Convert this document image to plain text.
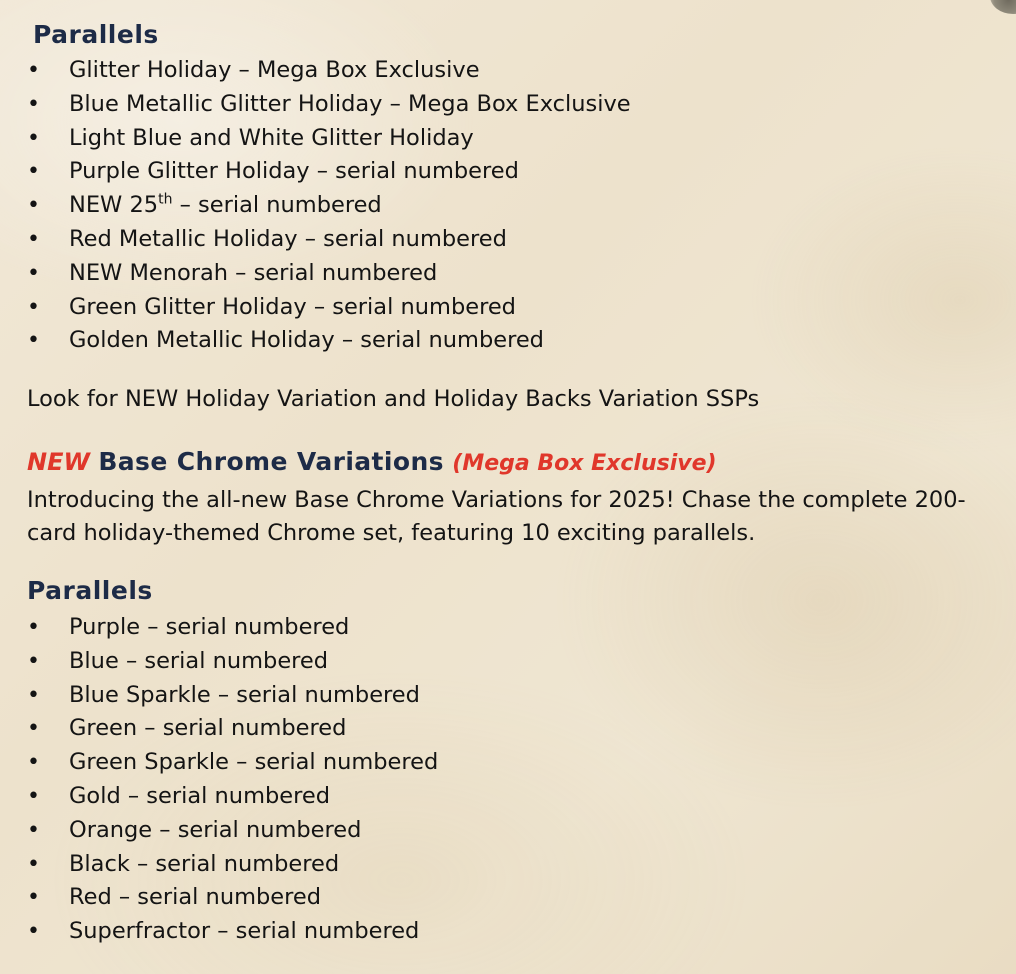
Parallels
• Glitter Holiday – Mega Box Exclusive
• Blue Metallic Glitter Holiday – Mega Box Exclusive
• Light Blue and White Glitter Holiday
• Purple Glitter Holiday – serial numbered
• NEW 25th – serial numbered
• Red Metallic Holiday – serial numbered
• NEW Menorah – serial numbered
• Green Glitter Holiday – serial numbered
• Golden Metallic Holiday – serial numbered

Look for NEW Holiday Variation and Holiday Backs Variation SSPs

NEW Base Chrome Variations (Mega Box Exclusive)

Introducing the all-new Base Chrome Variations for 2025! Chase the complete 200-card holiday-themed Chrome set, featuring 10 exciting parallels.

Parallels
• Purple – serial numbered
• Blue – serial numbered
• Blue Sparkle – serial numbered
• Green – serial numbered
• Green Sparkle – serial numbered
• Gold – serial numbered
• Orange – serial numbered
• Black – serial numbered
• Red – serial numbered
• Superfractor – serial numbered
